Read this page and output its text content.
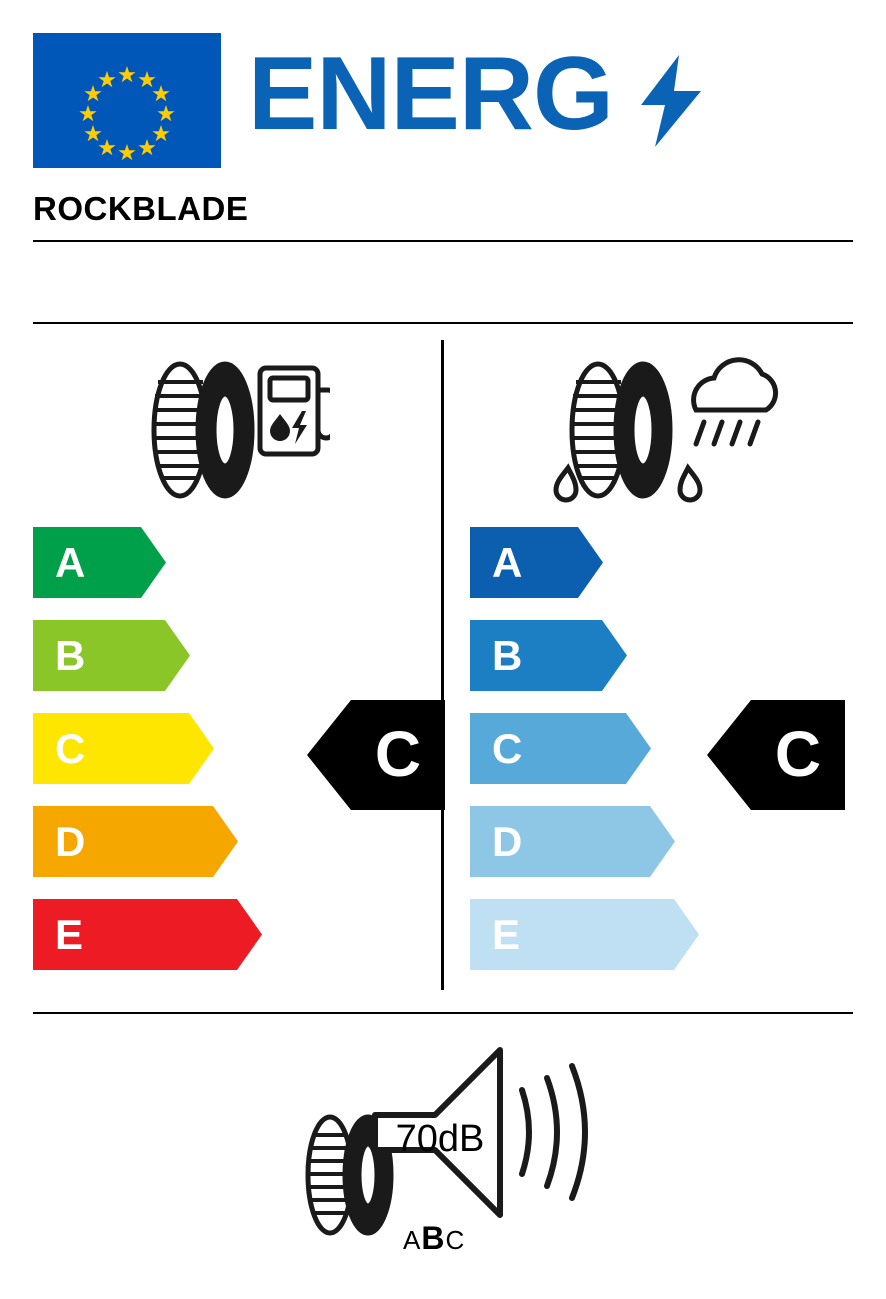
ENERG
ROCKBLADE
A
B
C
D
E
C
A
B
C
D
E
C
70dB
ABC
